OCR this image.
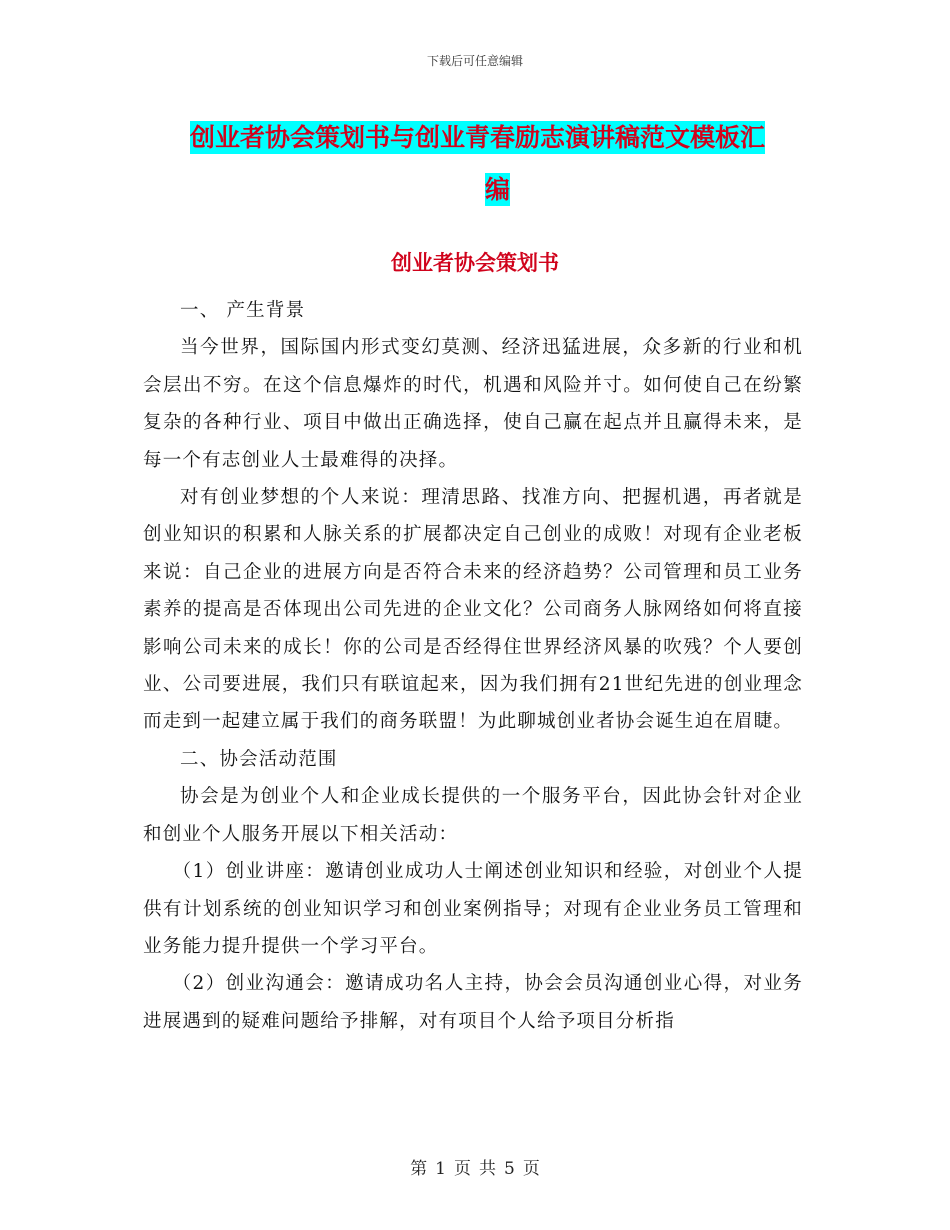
下载后可任意编辑
创业者协会策划书与创业青春励志演讲稿范文模板汇
编
创业者协会策划书

一、 产生背景

当今世界，国际国内形式变幻莫测、经济迅猛进展，众多新的行业和机会层出不穷。在这个信息爆炸的时代，机遇和风险并寸。如何使自己在纷繁复杂的各种行业、项目中做出正确选择，使自己赢在起点并且赢得未来，是每一个有志创业人士最难得的决择。

对有创业梦想的个人来说：理清思路、找准方向、把握机遇，再者就是创业知识的积累和人脉关系的扩展都决定自己创业的成败！对现有企业老板来说：自己企业的进展方向是否符合未来的经济趋势？公司管理和员工业务素养的提高是否体现出公司先进的企业文化？公司商务人脉网络如何将直接影响公司未来的成长！你的公司是否经得住世界经济风暴的吹残？个人要创业、公司要进展，我们只有联谊起来，因为我们拥有21世纪先进的创业理念而走到一起建立属于我们的商务联盟！为此聊城创业者协会诞生迫在眉睫。

二、协会活动范围

协会是为创业个人和企业成长提供的一个服务平台，因此协会针对企业和创业个人服务开展以下相关活动：

（1）创业讲座：邀请创业成功人士阐述创业知识和经验，对创业个人提供有计划系统的创业知识学习和创业案例指导；对现有企业业务员工管理和业务能力提升提供一个学习平台。

（2）创业沟通会：邀请成功名人主持，协会会员沟通创业心得，对业务进展遇到的疑难问题给予排解，对有项目个人给予项目分析指

第 1 页 共 5 页
